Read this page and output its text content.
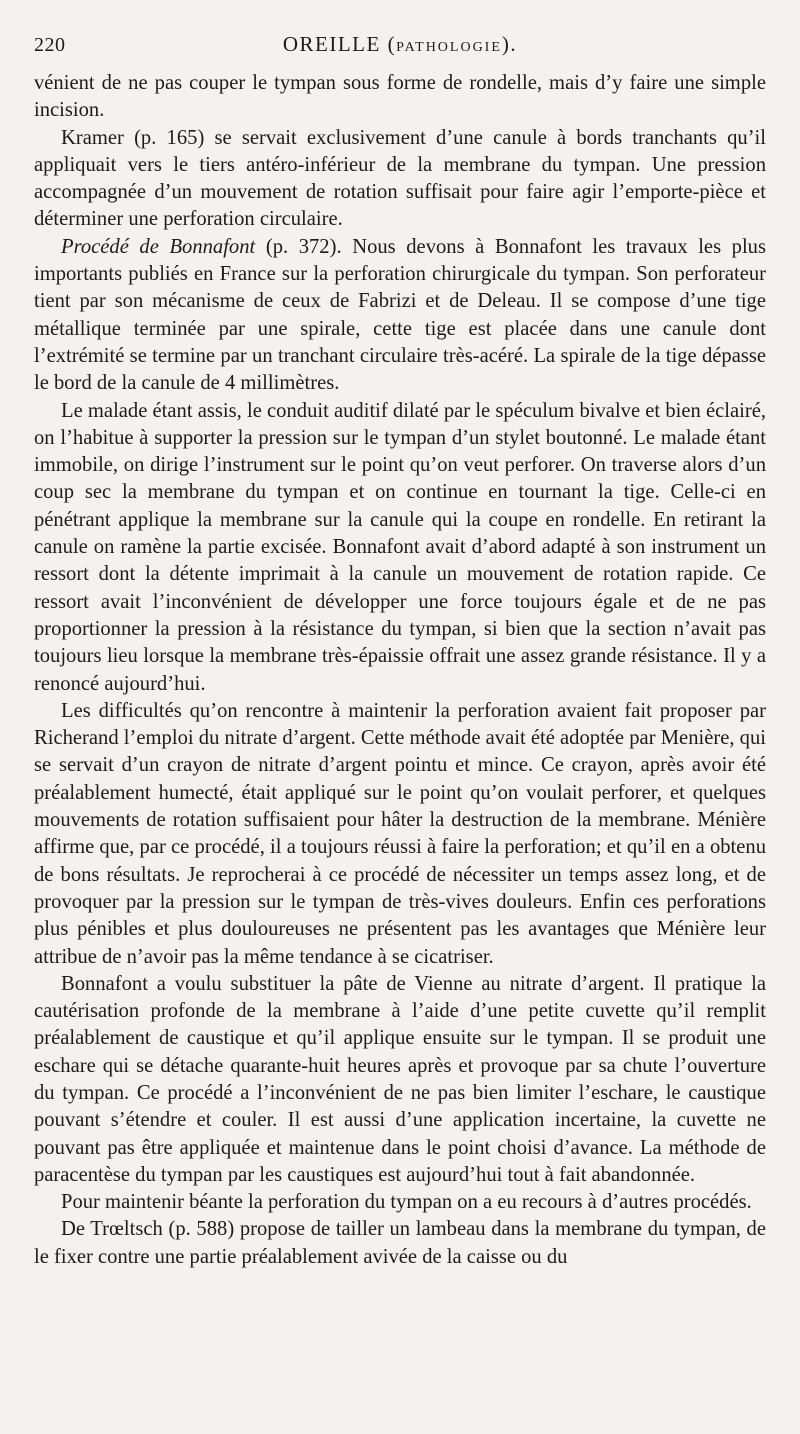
220	OREILLE (PATHOLOGIE).

vénient de ne pas couper le tympan sous forme de rondelle, mais d’y faire une simple incision.

Kramer (p. 165) se servait exclusivement d’une canule à bords tranchants qu’il appliquait vers le tiers antéro-inférieur de la membrane du tympan. Une pression accompagnée d’un mouvement de rotation suffisait pour faire agir l’emporte-pièce et déterminer une perforation circulaire.

Procédé de Bonnafont (p. 372). Nous devons à Bonnafont les travaux les plus importants publiés en France sur la perforation chirurgicale du tympan. Son perforateur tient par son mécanisme de ceux de Fabrizi et de Deleau. Il se compose d’une tige métallique terminée par une spirale, cette tige est placée dans une canule dont l’extrémité se termine par un tranchant circulaire très-acéré. La spirale de la tige dépasse le bord de la canule de 4 millimètres.

Le malade étant assis, le conduit auditif dilaté par le spéculum bivalve et bien éclairé, on l’habitue à supporter la pression sur le tympan d’un stylet boutonné. Le malade étant immobile, on dirige l’instrument sur le point qu’on veut perforer. On traverse alors d’un coup sec la membrane du tympan et on continue en tournant la tige. Celle-ci en pénétrant applique la membrane sur la canule qui la coupe en rondelle. En retirant la canule on ramène la partie excisée. Bonnafont avait d’abord adapté à son instrument un ressort dont la détente imprimait à la canule un mouvement de rotation rapide. Ce ressort avait l’inconvénient de développer une force toujours égale et de ne pas proportionner la pression à la résistance du tympan, si bien que la section n’avait pas toujours lieu lorsque la membrane très-épaissie offrait une assez grande résistance. Il y a renoncé aujourd’hui.

Les difficultés qu’on rencontre à maintenir la perforation avaient fait proposer par Richerand l’emploi du nitrate d’argent. Cette méthode avait été adoptée par Menière, qui se servait d’un crayon de nitrate d’argent pointu et mince. Ce crayon, après avoir été préalablement humecté, était appliqué sur le point qu’on voulait perforer, et quelques mouvements de rotation suffisaient pour hâter la destruction de la membrane. Ménière affirme que, par ce procédé, il a toujours réussi à faire la perforation; et qu’il en a obtenu de bons résultats. Je reprocherai à ce procédé de nécessiter un temps assez long, et de provoquer par la pression sur le tympan de très-vives douleurs. Enfin ces perforations plus pénibles et plus douloureuses ne présentent pas les avantages que Ménière leur attribue de n’avoir pas la même tendance à se cicatriser.

Bonnafont a voulu substituer la pâte de Vienne au nitrate d’argent. Il pratique la cautérisation profonde de la membrane à l’aide d’une petite cuvette qu’il remplit préalablement de caustique et qu’il applique ensuite sur le tympan. Il se produit une eschare qui se détache quarante-huit heures après et provoque par sa chute l’ouverture du tympan. Ce procédé a l’inconvénient de ne pas bien limiter l’eschare, le caustique pouvant s’étendre et couler. Il est aussi d’une application incertaine, la cuvette ne pouvant pas être appliquée et maintenue dans le point choisi d’avance. La méthode de paracentèse du tympan par les caustiques est aujourd’hui tout à fait abandonnée.

Pour maintenir béante la perforation du tympan on a eu recours à d’autres procédés.

De Trœltsch (p. 588) propose de tailler un lambeau dans la membrane du tympan, de le fixer contre une partie préalablement avivée de la caisse ou du
